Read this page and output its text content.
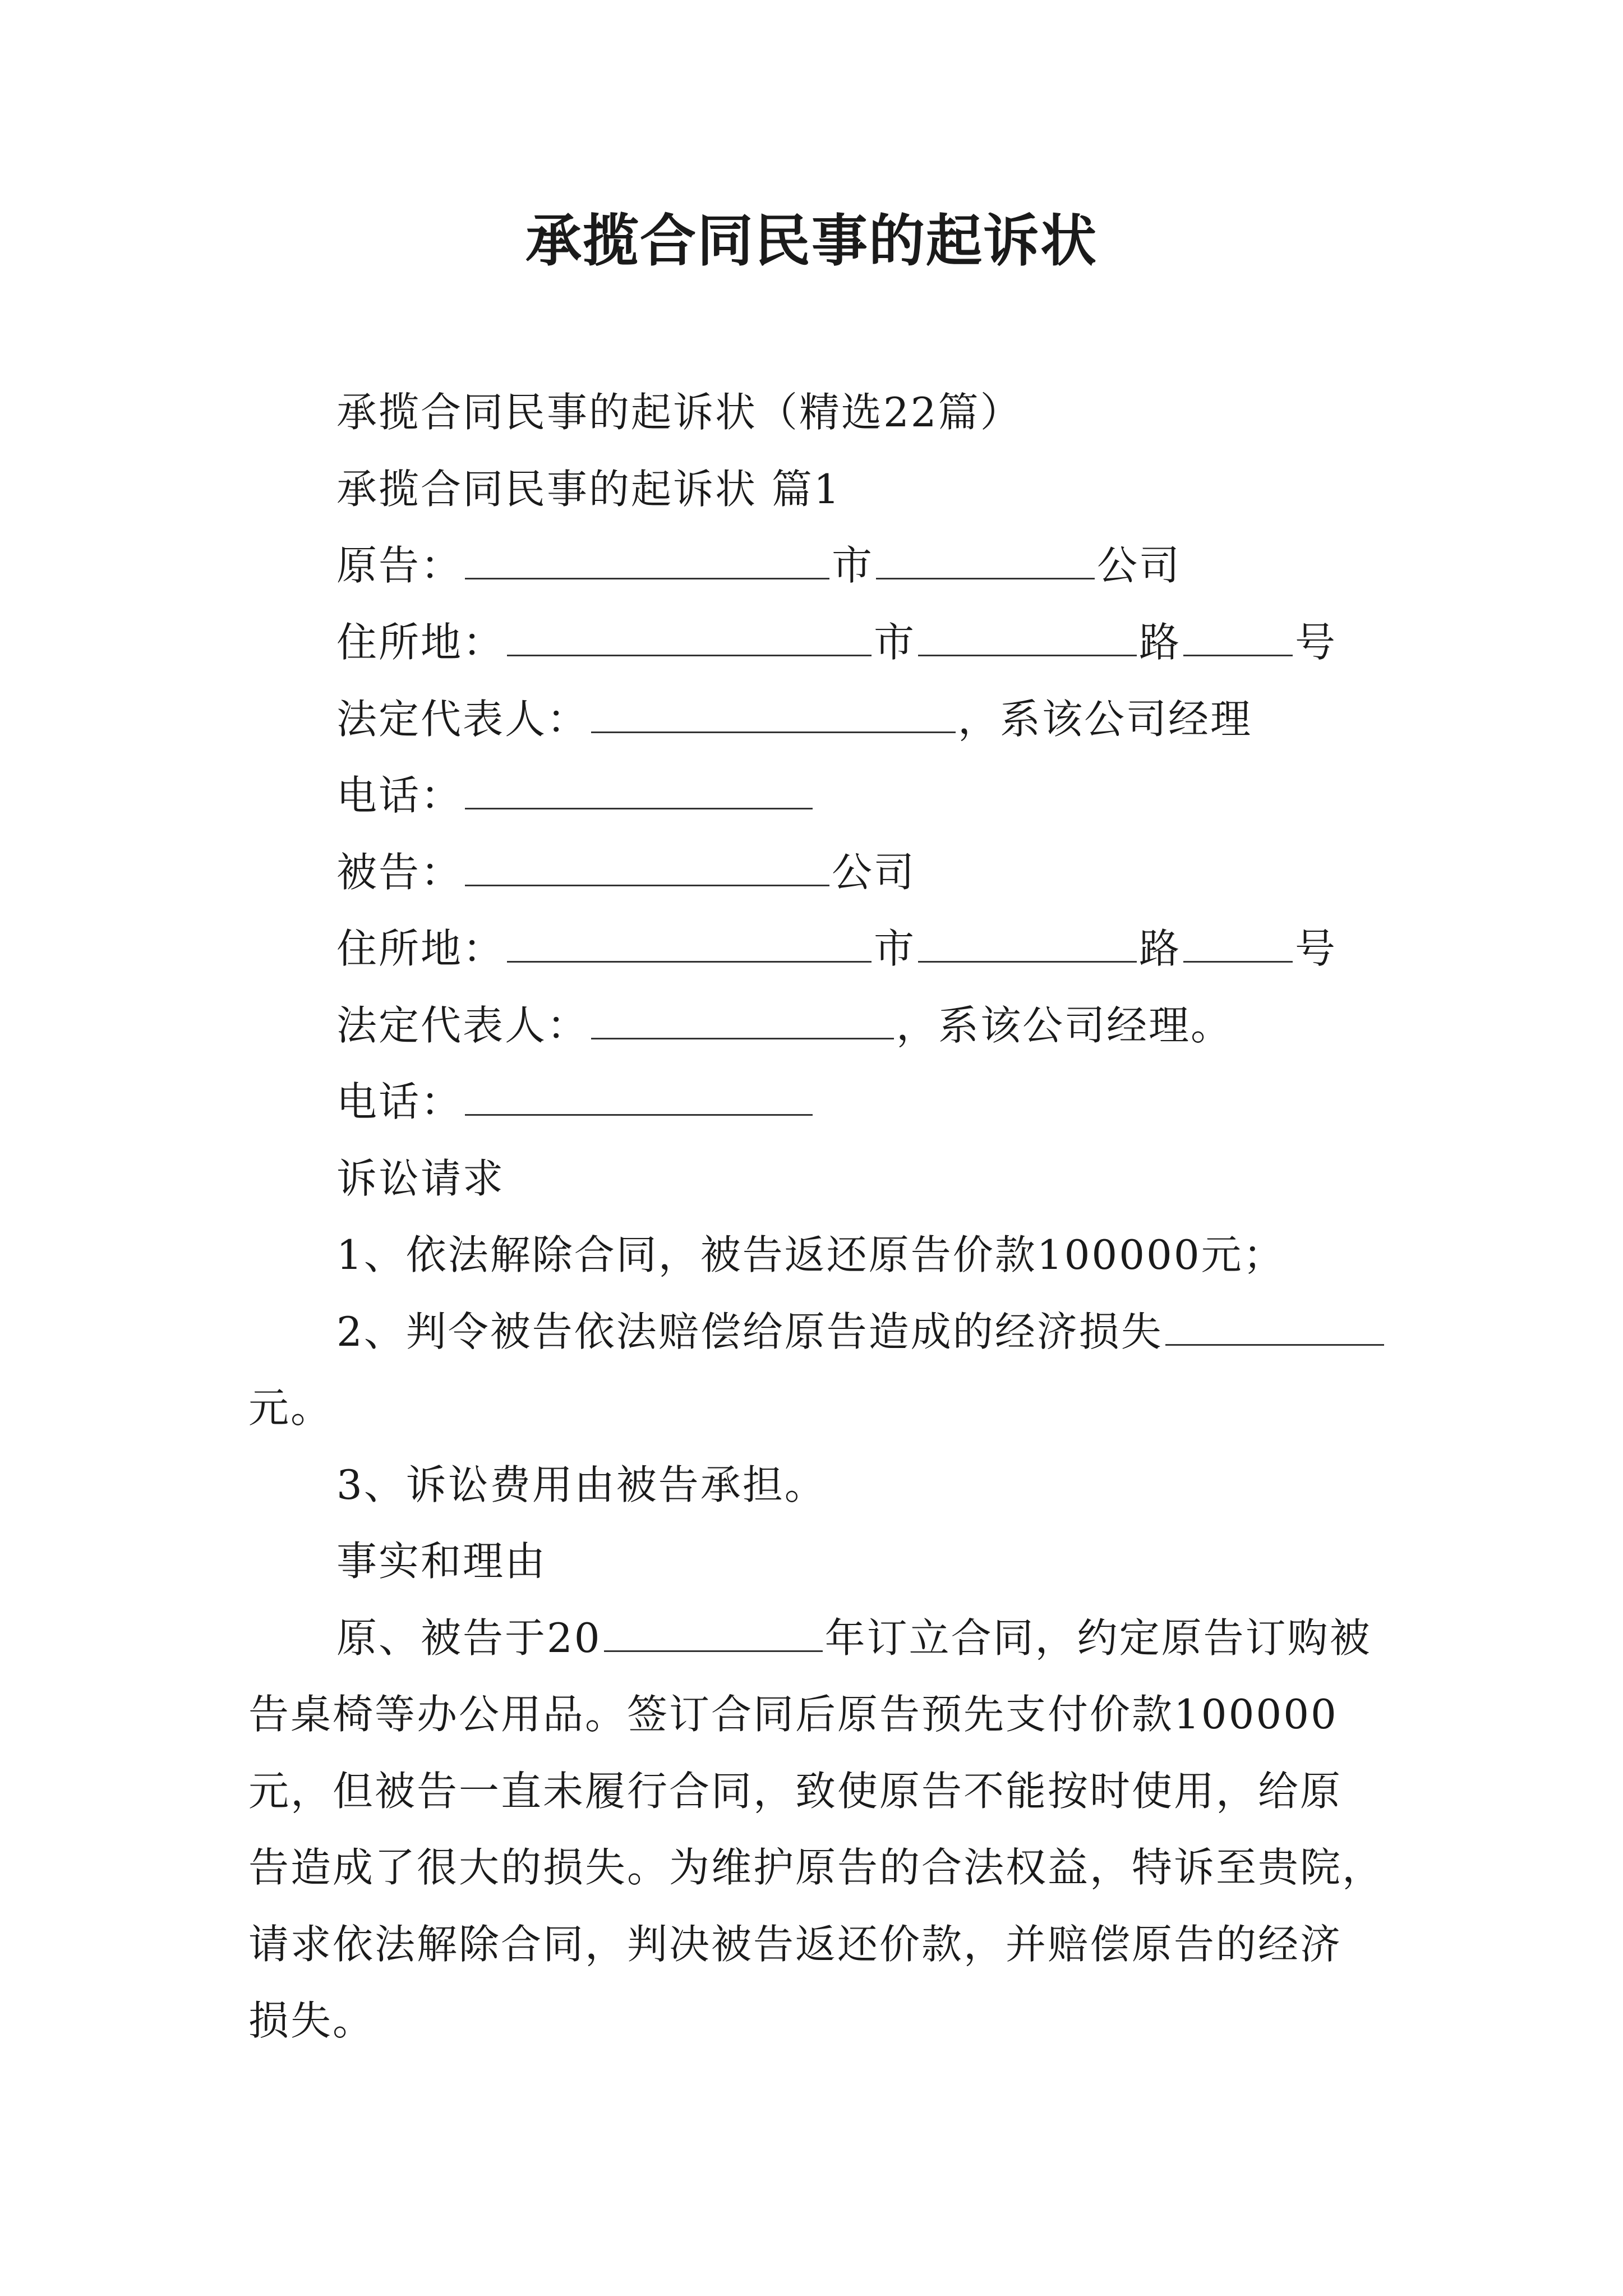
承揽合同民事的起诉状
承揽合同民事的起诉状（精选22篇）
承揽合同民事的起诉状 篇1
原告：	市	公司
住所地：	市	路	号
法定代表人：	，系该公司经理
电话：
被告：	公司
住所地：	市	路	号
法定代表人：	，系该公司经理。
电话：
诉讼请求
1、依法解除合同，被告返还原告价款100000元；
2、判令被告依法赔偿给原告造成的经济损失
元。
3、诉讼费用由被告承担。
事实和理由
原、被告于20	年订立合同，约定原告订购被
告桌椅等办公用品。签订合同后原告预先支付价款100000
元，但被告一直未履行合同，致使原告不能按时使用，给原
告造成了很大的损失。为维护原告的合法权益，特诉至贵院，
请求依法解除合同，判决被告返还价款，并赔偿原告的经济
损失。
